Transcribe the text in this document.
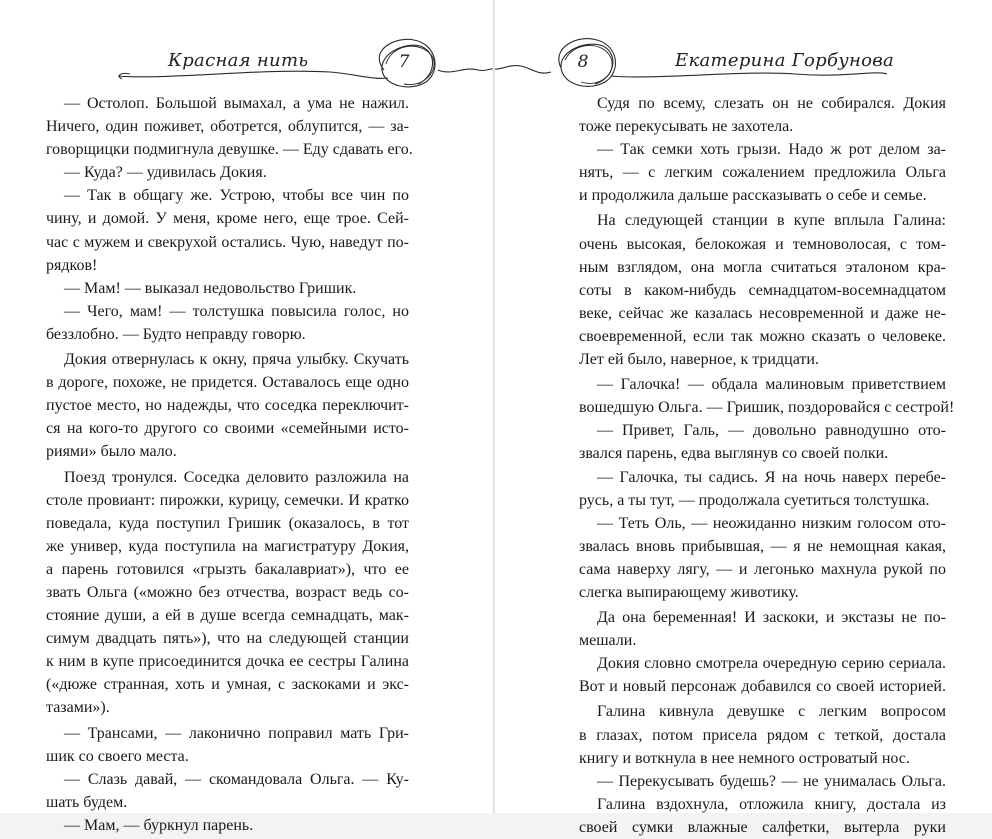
Красная нить	7
— Остолоп. Большой вымахал, а ума не нажил.
Ничего, один поживет, оботрется, облупится, — за-
говорщицки подмигнула девушке. — Еду сдавать его.
— Куда? — удивилась Докия.
— Так в общагу же. Устрою, чтобы все чин по
чину, и домой. У меня, кроме него, еще трое. Сей-
час с мужем и свекрухой остались. Чую, наведут по-
рядков!
— Мам! — выказал недовольство Гришик.
— Чего, мам! — толстушка повысила голос, но
беззлобно. — Будто неправду говорю.
Докия отвернулась к окну, пряча улыбку. Скучать
в дороге, похоже, не придется. Оставалось еще одно
пустое место, но надежды, что соседка переключит-
ся на кого-то другого со своими «семейными исто-
риями» было мало.
Поезд тронулся. Соседка деловито разложила на
столе провиант: пирожки, курицу, семечки. И кратко
поведала, куда поступил Гришик (оказалось, в тот
же универ, куда поступила на магистратуру Докия,
а парень готовился «грызть бакалавриат»), что ее
звать Ольга («можно без отчества, возраст ведь со-
стояние души, а ей в душе всегда семнадцать, мак-
симум двадцать пять»), что на следующей станции
к ним в купе присоединится дочка ее сестры Галина
(«дюже странная, хоть и умная, с заскоками и экс-
тазами»).
— Трансами, — лаконично поправил мать Гри-
шик со своего места.
— Слазь давай, — скомандовала Ольга. — Ку-
шать будем.
— Мам, — буркнул парень.
8	Екатерина Горбунова
Судя по всему, слезать он не собирался. Докия
тоже перекусывать не захотела.
— Так семки хоть грызи. Надо ж рот делом за-
нять, — с легким сожалением предложила Ольга
и продолжила дальше рассказывать о себе и семье.
На следующей станции в купе вплыла Галина:
очень высокая, белокожая и темноволосая, с том-
ным взглядом, она могла считаться эталоном кра-
соты в каком-нибудь семнадцатом-восемнадцатом
веке, сейчас же казалась несовременной и даже не-
своевременной, если так можно сказать о человеке.
Лет ей было, наверное, к тридцати.
— Галочка! — обдала малиновым приветствием
вошедшую Ольга. — Гришик, поздоровайся с сестрой!
— Привет, Галь, — довольно равнодушно ото-
звался парень, едва выглянув со своей полки.
— Галочка, ты садись. Я на ночь наверх перебе-
русь, а ты тут, — продолжала суетиться толстушка.
— Теть Оль, — неожиданно низким голосом ото-
звалась вновь прибывшая, — я не немощная какая,
сама наверху лягу, — и легонько махнула рукой по
слегка выпирающему животику.
Да она беременная! И заскоки, и экстазы не по-
мешали.
Докия словно смотрела очередную серию сериала.
Вот и новый персонаж добавился со своей историей.
Галина кивнула девушке с легким вопросом
в глазах, потом присела рядом с теткой, достала
книгу и воткнула в нее немного островатый нос.
— Перекусывать будешь? — не унималась Ольга.
Галина вздохнула, отложила книгу, достала из
своей сумки влажные салфетки, вытерла руки
